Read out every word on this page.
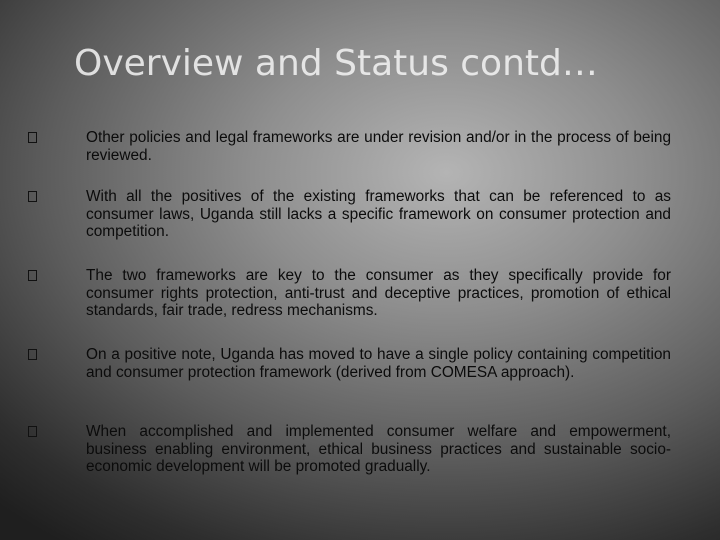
Overview and Status contd…
Other policies and legal frameworks are under revision and/or in the process of being reviewed.
With all the positives of the existing frameworks that can be referenced to as consumer laws, Uganda still lacks a specific framework on consumer protection and competition.
The two frameworks are key to the consumer as they specifically provide for consumer rights protection, anti-trust and deceptive practices, promotion of ethical standards, fair trade, redress mechanisms.
On a positive note, Uganda has moved to have a single policy containing competition and consumer protection framework (derived from COMESA approach).
When accomplished and implemented consumer welfare and empowerment, business enabling environment, ethical business practices and sustainable socio-economic development will be promoted gradually.
